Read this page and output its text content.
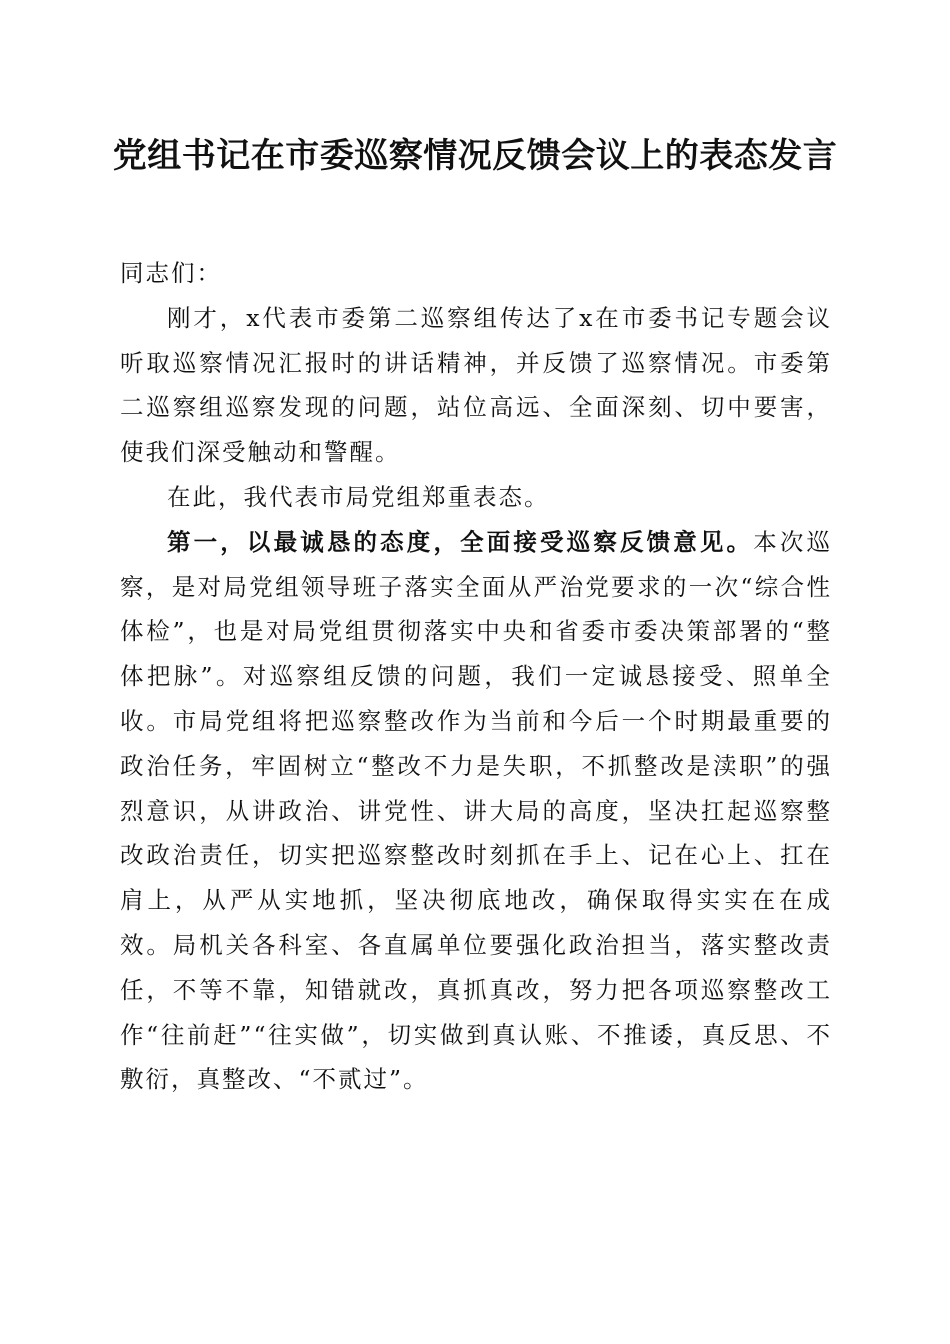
党组书记在市委巡察情况反馈会议上的表态发言

同志们：

刚才，x代表市委第二巡察组传达了x在市委书记专题会议听取巡察情况汇报时的讲话精神，并反馈了巡察情况。市委第二巡察组巡察发现的问题，站位高远、全面深刻、切中要害，使我们深受触动和警醒。

在此，我代表市局党组郑重表态。

第一，以最诚恳的态度，全面接受巡察反馈意见。本次巡察，是对局党组领导班子落实全面从严治党要求的一次“综合性体检”，也是对局党组贯彻落实中央和省委市委决策部署的“整体把脉”。对巡察组反馈的问题，我们一定诚恳接受、照单全收。市局党组将把巡察整改作为当前和今后一个时期最重要的政治任务，牢固树立“整改不力是失职，不抓整改是渎职”的强烈意识，从讲政治、讲党性、讲大局的高度，坚决扛起巡察整改政治责任，切实把巡察整改时刻抓在手上、记在心上、扛在肩上，从严从实地抓，坚决彻底地改，确保取得实实在在成效。局机关各科室、各直属单位要强化政治担当，落实整改责任，不等不靠，知错就改，真抓真改，努力把各项巡察整改工作“往前赶”“往实做”，切实做到真认账、不推诿，真反思、不敷衍，真整改、“不贰过”。
